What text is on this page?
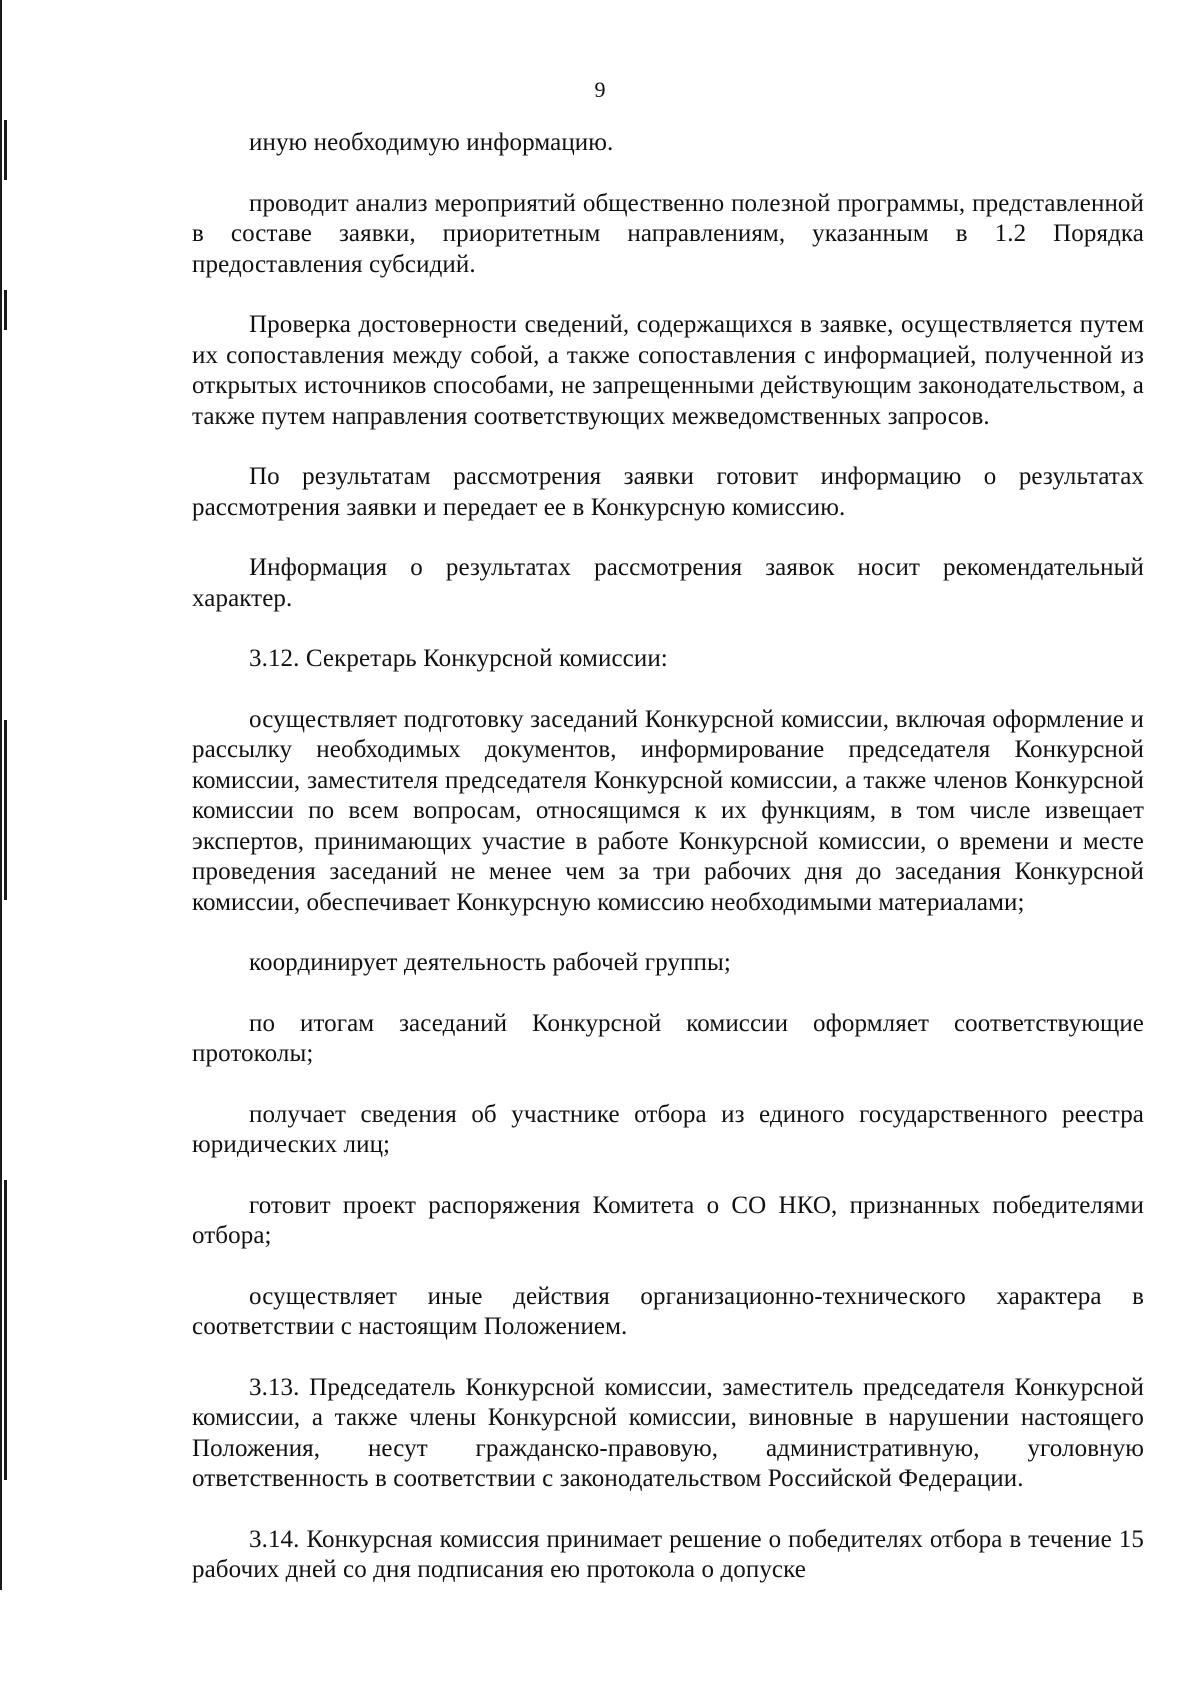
9

иную необходимую информацию.

проводит анализ мероприятий общественно полезной программы, представленной в составе заявки, приоритетным направлениям, указанным в 1.2 Порядка предоставления субсидий.

Проверка достоверности сведений, содержащихся в заявке, осуществляется путем их сопоставления между собой, а также сопоставления с информацией, полученной из открытых источников способами, не запрещенными действующим законодательством, а также путем направления соответствующих межведомственных запросов.

По результатам рассмотрения заявки готовит информацию о результатах рассмотрения заявки и передает ее в Конкурсную комиссию.

Информация о результатах рассмотрения заявок носит рекомендательный характер.

3.12. Секретарь Конкурсной комиссии:

осуществляет подготовку заседаний Конкурсной комиссии, включая оформление и рассылку необходимых документов, информирование председателя Конкурсной комиссии, заместителя председателя Конкурсной комиссии, а также членов Конкурсной комиссии по всем вопросам, относящимся к их функциям, в том числе извещает экспертов, принимающих участие в работе Конкурсной комиссии, о времени и месте проведения заседаний не менее чем за три рабочих дня до заседания Конкурсной комиссии, обеспечивает Конкурсную комиссию необходимыми материалами;

координирует деятельность рабочей группы;

по итогам заседаний Конкурсной комиссии оформляет соответствующие протоколы;

получает сведения об участнике отбора из единого государственного реестра юридических лиц;

готовит проект распоряжения Комитета о СО НКО, признанных победителями отбора;

осуществляет иные действия организационно-технического характера в соответствии с настоящим Положением.

3.13. Председатель Конкурсной комиссии, заместитель председателя Конкурсной комиссии, а также члены Конкурсной комиссии, виновные в нарушении настоящего Положения, несут гражданско-правовую, административную, уголовную ответственность в соответствии с законодательством Российской Федерации.

3.14. Конкурсная комиссия принимает решение о победителях отбора в течение 15 рабочих дней со дня подписания ею протокола о допуске
